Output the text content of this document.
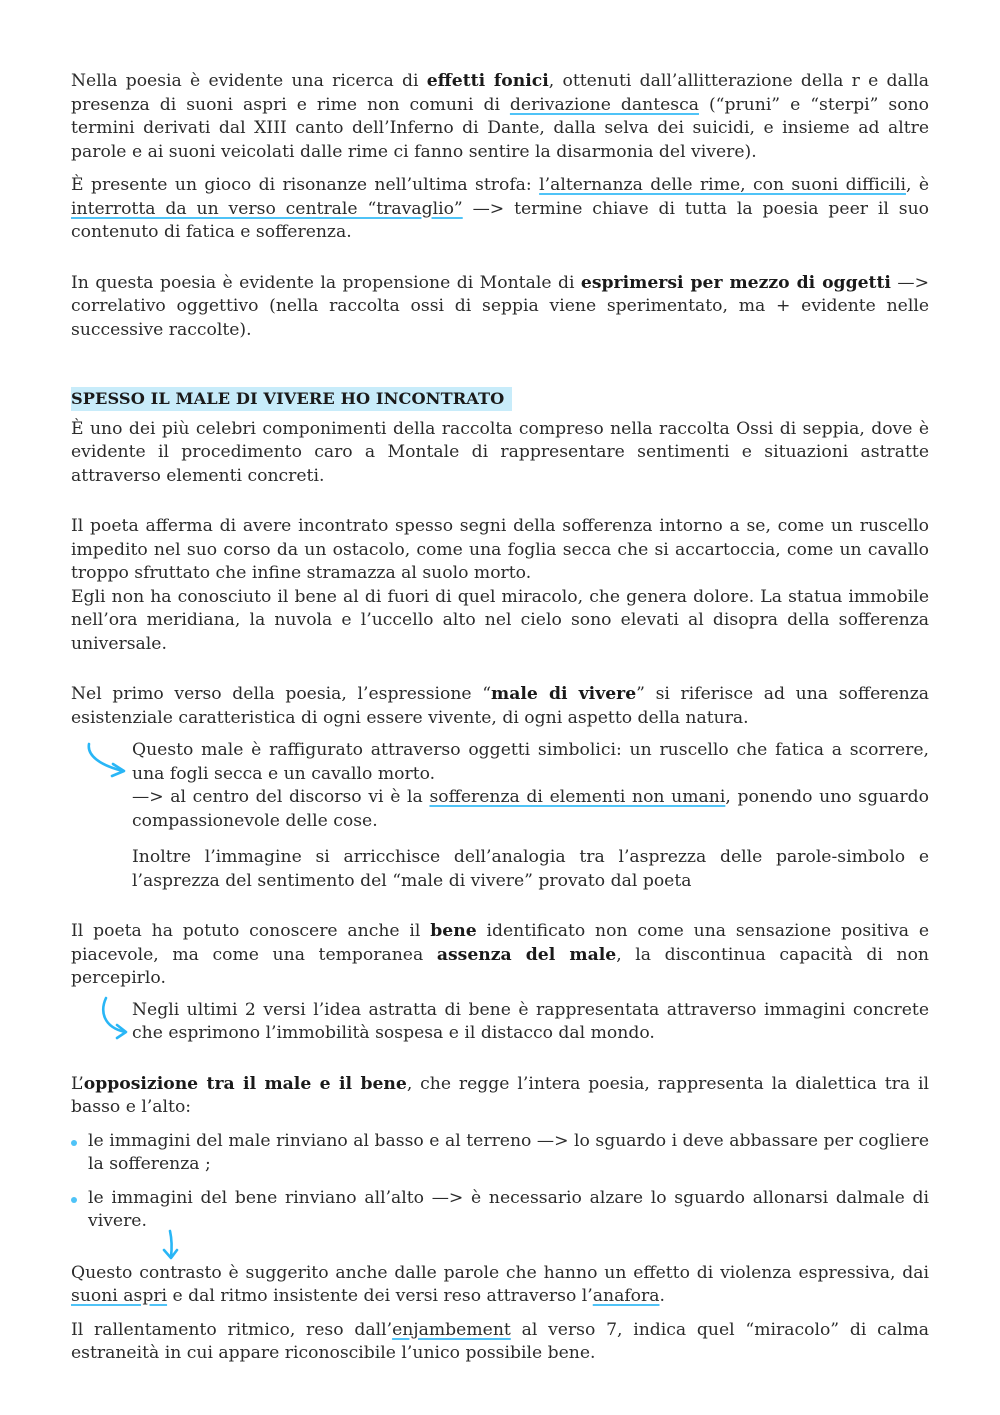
Nella poesia è evidente una ricerca di effetti fonici, ottenuti dall’allitterazione della r e dalla presenza di suoni aspri e rime non comuni di derivazione dantesca (“pruni” e “sterpi” sono termini derivati dal XIII canto dell’Inferno di Dante, dalla selva dei suicidi, e insieme ad altre parole e ai suoni veicolati dalle rime ci fanno sentire la disarmonia del vivere).

È presente un gioco di risonanze nell’ultima strofa: l’alternanza delle rime, con suoni difficili, è interrotta da un verso centrale “travaglio” —> termine chiave di tutta la poesia peer il suo contenuto di fatica e sofferenza.

In questa poesia è evidente la propensione di Montale di esprimersi per mezzo di oggetti —> correlativo oggettivo (nella raccolta ossi di seppia viene sperimentato, ma + evidente nelle successive raccolte).

SPESSO IL MALE DI VIVERE HO INCONTRATO

È uno dei più celebri componimenti della raccolta compreso nella raccolta Ossi di seppia, dove è evidente il procedimento caro a Montale di rappresentare sentimenti e situazioni astratte attraverso elementi concreti.

Il poeta afferma di avere incontrato spesso segni della sofferenza intorno a se, come un ruscello impedito nel suo corso da un ostacolo, come una foglia secca che si accartoccia, come un cavallo troppo sfruttato che infine stramazza al suolo morto.

Egli non ha conosciuto il bene al di fuori di quel miracolo, che genera dolore. La statua immobile nell’ora meridiana, la nuvola e l’uccello alto nel cielo sono elevati al disopra della sofferenza universale.

Nel primo verso della poesia, l’espressione “male di vivere” si riferisce ad una sofferenza esistenziale caratteristica di ogni essere vivente, di ogni aspetto della natura.

Questo male è raffigurato attraverso oggetti simbolici: un ruscello che fatica a scorrere, una fogli secca e un cavallo morto.

—> al centro del discorso vi è la sofferenza di elementi non umani, ponendo uno sguardo compassionevole delle cose.

Inoltre l’immagine si arricchisce dell’analogia tra l’asprezza delle parole-simbolo e l’asprezza del sentimento del “male di vivere” provato dal poeta

Il poeta ha potuto conoscere anche il bene identificato non come una sensazione positiva e piacevole, ma come una temporanea assenza del male, la discontinua capacità di non percepirlo.

Negli ultimi 2 versi l’idea astratta di bene è rappresentata attraverso immagini concrete che esprimono l’immobilità sospesa e il distacco dal mondo.

L’opposizione tra il male e il bene, che regge l’intera poesia, rappresenta la dialettica tra il basso e l’alto:

le immagini del male rinviano al basso e al terreno —> lo sguardo i deve abbassare per cogliere la sofferenza ;

le immagini del bene rinviano all’alto —> è necessario alzare lo sguardo allonarsi dalmale di vivere.

Questo contrasto è suggerito anche dalle parole che hanno un effetto di violenza espressiva, dai suoni aspri e dal ritmo insistente dei versi reso attraverso l’anafora.

Il rallentamento ritmico, reso dall’enjambement al verso 7, indica quel “miracolo” di calma estraneità in cui appare riconoscibile l’unico possibile bene.
